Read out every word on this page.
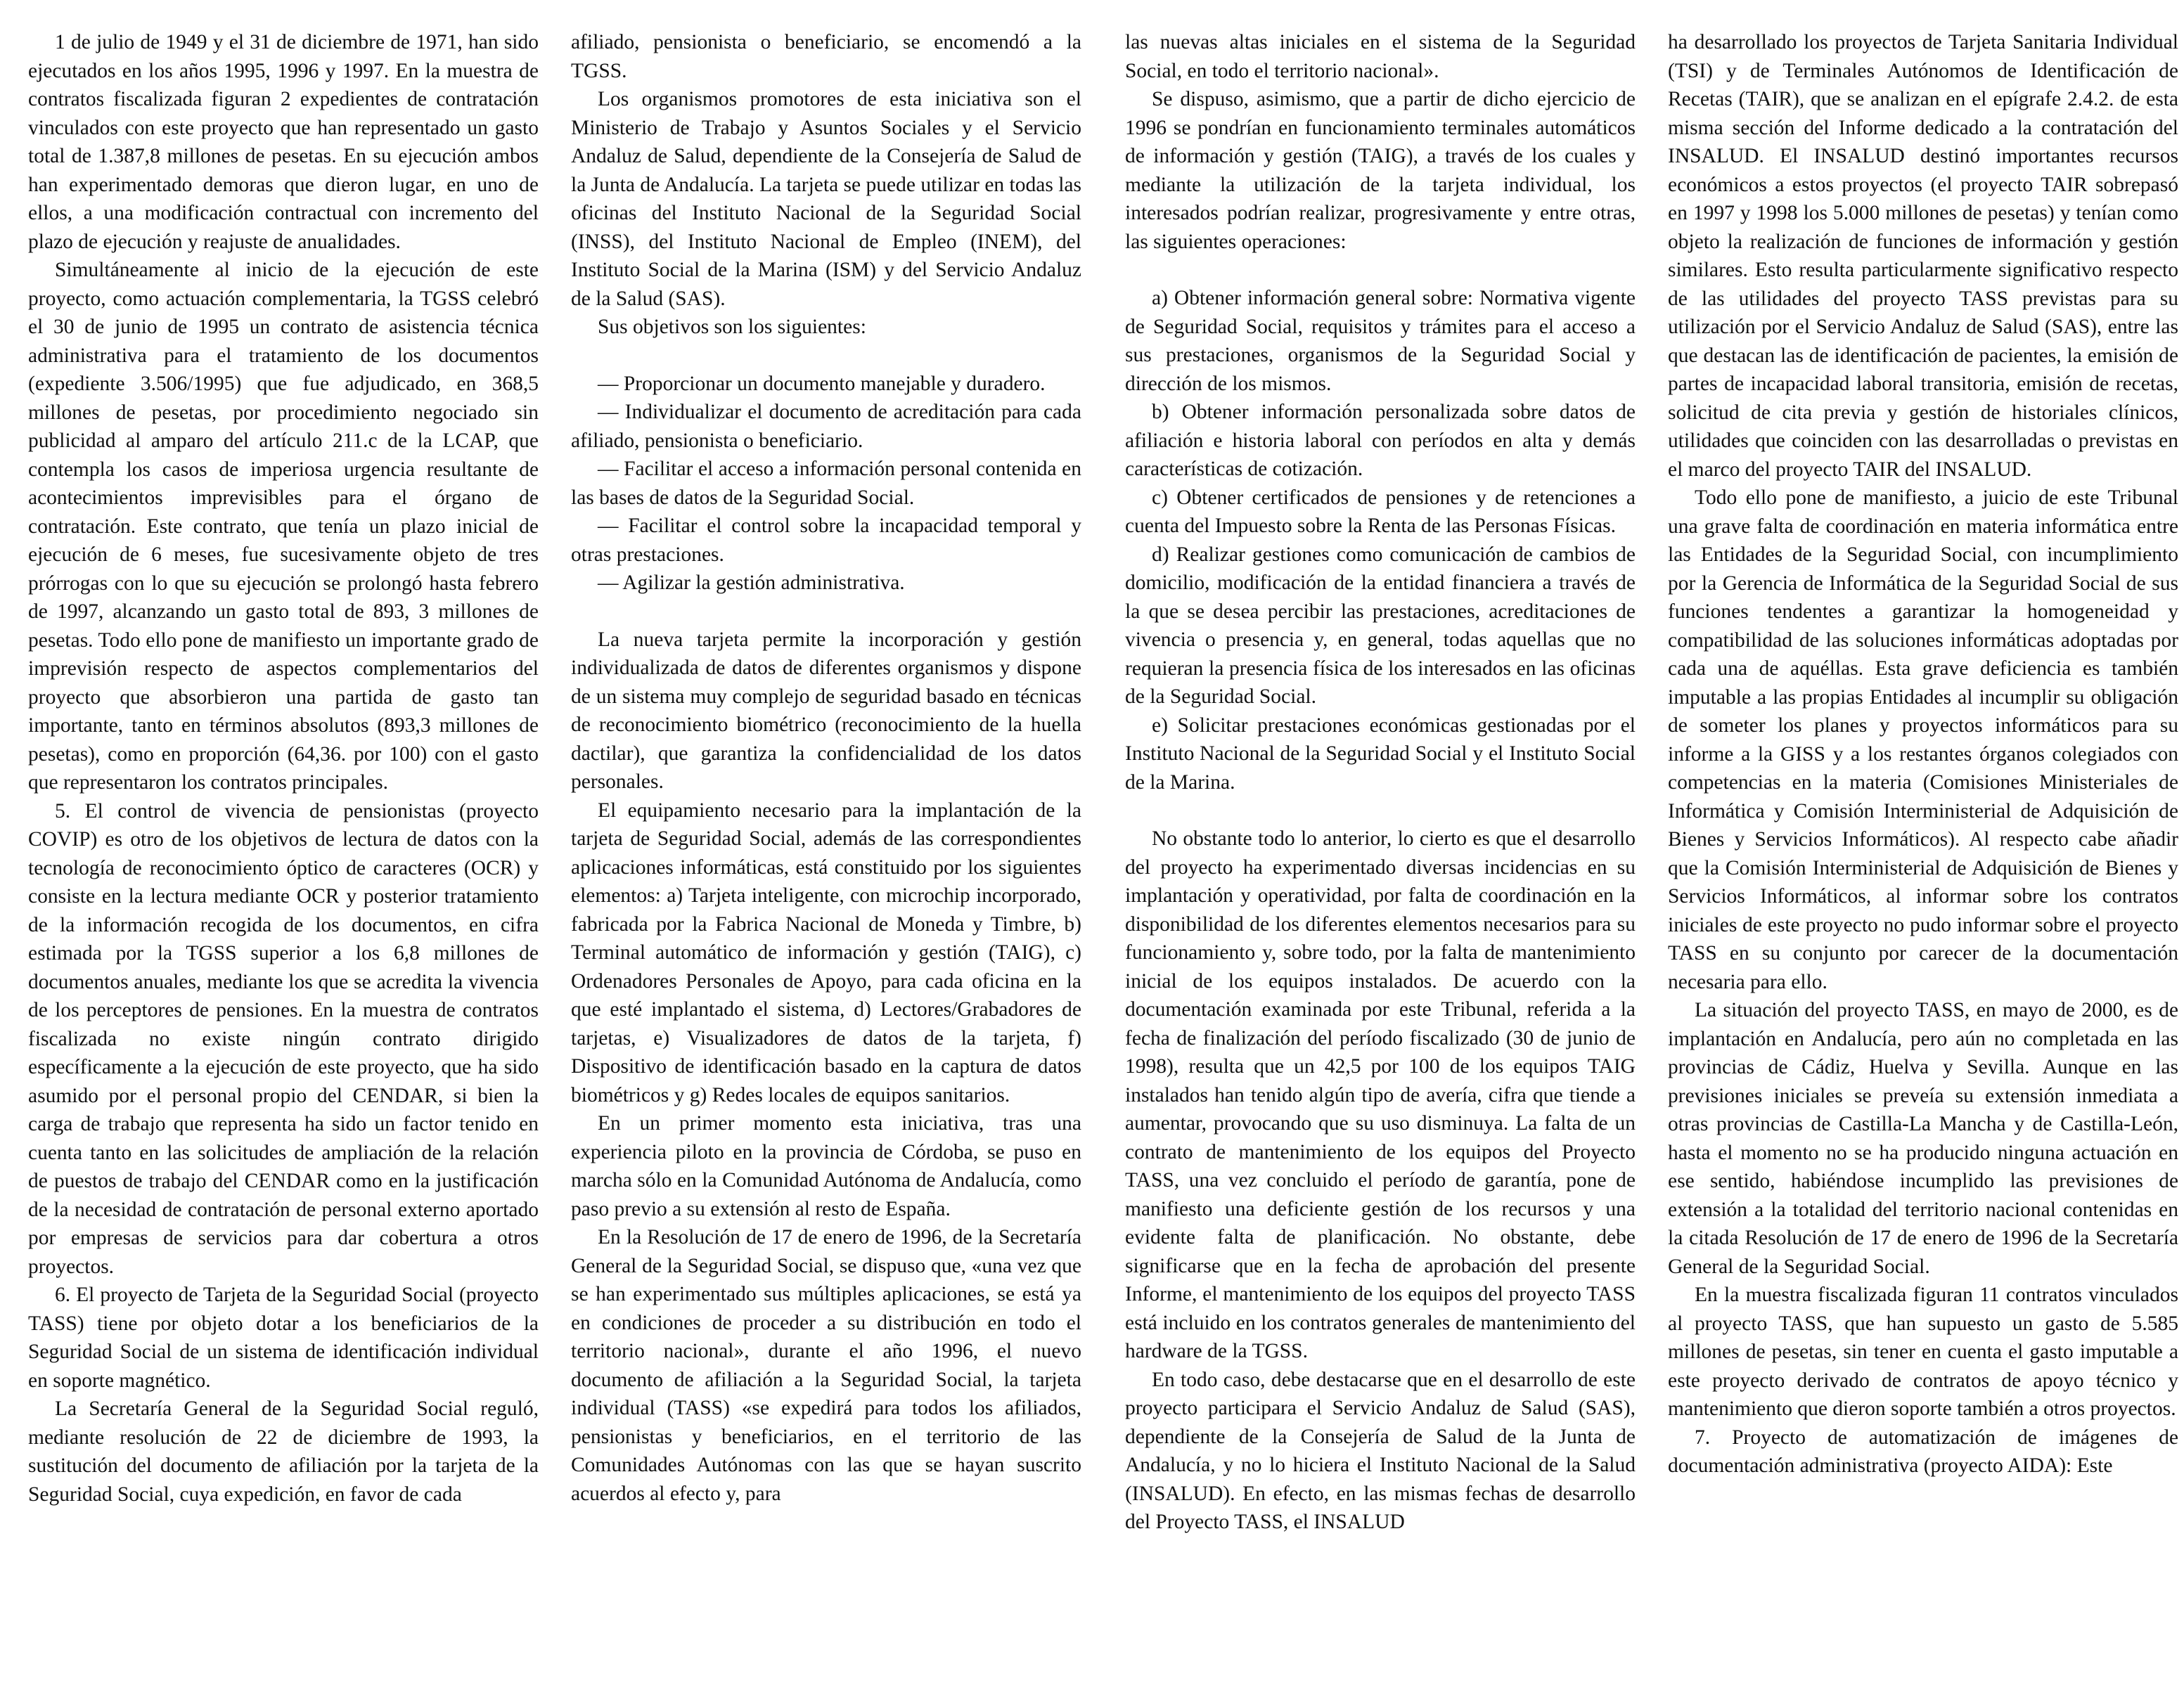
1 de julio de 1949 y el 31 de diciembre de 1971, han sido ejecutados en los años 1995, 1996 y 1997. En la muestra de contratos fiscalizada figuran 2 expedientes de contratación vinculados con este proyecto que han representado un gasto total de 1.387,8 millones de pesetas. En su ejecución ambos han experimentado demoras que dieron lugar, en uno de ellos, a una modificación contractual con incremento del plazo de ejecución y reajuste de anualidades.

Simultáneamente al inicio de la ejecución de este proyecto, como actuación complementaria, la TGSS celebró el 30 de junio de 1995 un contrato de asistencia técnica administrativa para el tratamiento de los documentos (expediente 3.506/1995) que fue adjudicado, en 368,5 millones de pesetas, por procedimiento negociado sin publicidad al amparo del artículo 211.c de la LCAP, que contempla los casos de imperiosa urgencia resultante de acontecimientos imprevisibles para el órgano de contratación. Este contrato, que tenía un plazo inicial de ejecución de 6 meses, fue sucesivamente objeto de tres prórrogas con lo que su ejecución se prolongó hasta febrero de 1997, alcanzando un gasto total de 893, 3 millones de pesetas. Todo ello pone de manifiesto un importante grado de imprevisión respecto de aspectos complementarios del proyecto que absorbieron una partida de gasto tan importante, tanto en términos absolutos (893,3 millones de pesetas), como en proporción (64,36. por 100) con el gasto que representaron los contratos principales.

5. El control de vivencia de pensionistas (proyecto COVIP) es otro de los objetivos de lectura de datos con la tecnología de reconocimiento óptico de caracteres (OCR) y consiste en la lectura mediante OCR y posterior tratamiento de la información recogida de los documentos, en cifra estimada por la TGSS superior a los 6,8 millones de documentos anuales, mediante los que se acredita la vivencia de los perceptores de pensiones. En la muestra de contratos fiscalizada no existe ningún contrato dirigido específicamente a la ejecución de este proyecto, que ha sido asumido por el personal propio del CENDAR, si bien la carga de trabajo que representa ha sido un factor tenido en cuenta tanto en las solicitudes de ampliación de la relación de puestos de trabajo del CENDAR como en la justificación de la necesidad de contratación de personal externo aportado por empresas de servicios para dar cobertura a otros proyectos.

6. El proyecto de Tarjeta de la Seguridad Social (proyecto TASS) tiene por objeto dotar a los beneficiarios de la Seguridad Social de un sistema de identificación individual en soporte magnético.

La Secretaría General de la Seguridad Social reguló, mediante resolución de 22 de diciembre de 1993, la sustitución del documento de afiliación por la tarjeta de la Seguridad Social, cuya expedición, en favor de cada

afiliado, pensionista o beneficiario, se encomendó a la TGSS.

Los organismos promotores de esta iniciativa son el Ministerio de Trabajo y Asuntos Sociales y el Servicio Andaluz de Salud, dependiente de la Consejería de Salud de la Junta de Andalucía. La tarjeta se puede utilizar en todas las oficinas del Instituto Nacional de la Seguridad Social (INSS), del Instituto Nacional de Empleo (INEM), del Instituto Social de la Marina (ISM) y del Servicio Andaluz de la Salud (SAS).

Sus objetivos son los siguientes:

— Proporcionar un documento manejable y duradero.

— Individualizar el documento de acreditación para cada afiliado, pensionista o beneficiario.

— Facilitar el acceso a información personal contenida en las bases de datos de la Seguridad Social.

— Facilitar el control sobre la incapacidad temporal y otras prestaciones.

— Agilizar la gestión administrativa.

La nueva tarjeta permite la incorporación y gestión individualizada de datos de diferentes organismos y dispone de un sistema muy complejo de seguridad basado en técnicas de reconocimiento biométrico (reconocimiento de la huella dactilar), que garantiza la confidencialidad de los datos personales.

El equipamiento necesario para la implantación de la tarjeta de Seguridad Social, además de las correspondientes aplicaciones informáticas, está constituido por los siguientes elementos: a) Tarjeta inteligente, con microchip incorporado, fabricada por la Fabrica Nacional de Moneda y Timbre, b) Terminal automático de información y gestión (TAIG), c) Ordenadores Personales de Apoyo, para cada oficina en la que esté implantado el sistema, d) Lectores/Grabadores de tarjetas, e) Visualizadores de datos de la tarjeta, f) Dispositivo de identificación basado en la captura de datos biométricos y g) Redes locales de equipos sanitarios.

En un primer momento esta iniciativa, tras una experiencia piloto en la provincia de Córdoba, se puso en marcha sólo en la Comunidad Autónoma de Andalucía, como paso previo a su extensión al resto de España.

En la Resolución de 17 de enero de 1996, de la Secretaría General de la Seguridad Social, se dispuso que, «una vez que se han experimentado sus múltiples aplicaciones, se está ya en condiciones de proceder a su distribución en todo el territorio nacional», durante el año 1996, el nuevo documento de afiliación a la Seguridad Social, la tarjeta individual (TASS) «se expedirá para todos los afiliados, pensionistas y beneficiarios, en el territorio de las Comunidades Autónomas con las que se hayan suscrito acuerdos al efecto y, para

las nuevas altas iniciales en el sistema de la Seguridad Social, en todo el territorio nacional».

Se dispuso, asimismo, que a partir de dicho ejercicio de 1996 se pondrían en funcionamiento terminales automáticos de información y gestión (TAIG), a través de los cuales y mediante la utilización de la tarjeta individual, los interesados podrían realizar, progresivamente y entre otras, las siguientes operaciones:

a) Obtener información general sobre: Normativa vigente de Seguridad Social, requisitos y trámites para el acceso a sus prestaciones, organismos de la Seguridad Social y dirección de los mismos.

b) Obtener información personalizada sobre datos de afiliación e historia laboral con períodos en alta y demás características de cotización.

c) Obtener certificados de pensiones y de retenciones a cuenta del Impuesto sobre la Renta de las Personas Físicas.

d) Realizar gestiones como comunicación de cambios de domicilio, modificación de la entidad financiera a través de la que se desea percibir las prestaciones, acreditaciones de vivencia o presencia y, en general, todas aquellas que no requieran la presencia física de los interesados en las oficinas de la Seguridad Social.

e) Solicitar prestaciones económicas gestionadas por el Instituto Nacional de la Seguridad Social y el Instituto Social de la Marina.

No obstante todo lo anterior, lo cierto es que el desarrollo del proyecto ha experimentado diversas incidencias en su implantación y operatividad, por falta de coordinación en la disponibilidad de los diferentes elementos necesarios para su funcionamiento y, sobre todo, por la falta de mantenimiento inicial de los equipos instalados. De acuerdo con la documentación examinada por este Tribunal, referida a la fecha de finalización del período fiscalizado (30 de junio de 1998), resulta que un 42,5 por 100 de los equipos TAIG instalados han tenido algún tipo de avería, cifra que tiende a aumentar, provocando que su uso disminuya. La falta de un contrato de mantenimiento de los equipos del Proyecto TASS, una vez concluido el período de garantía, pone de manifiesto una deficiente gestión de los recursos y una evidente falta de planificación. No obstante, debe significarse que en la fecha de aprobación del presente Informe, el mantenimiento de los equipos del proyecto TASS está incluido en los contratos generales de mantenimiento del hardware de la TGSS.

En todo caso, debe destacarse que en el desarrollo de este proyecto participara el Servicio Andaluz de Salud (SAS), dependiente de la Consejería de Salud de la Junta de Andalucía, y no lo hiciera el Instituto Nacional de la Salud (INSALUD). En efecto, en las mismas fechas de desarrollo del Proyecto TASS, el INSALUD

ha desarrollado los proyectos de Tarjeta Sanitaria Individual (TSI) y de Terminales Autónomos de Identificación de Recetas (TAIR), que se analizan en el epígrafe 2.4.2. de esta misma sección del Informe dedicado a la contratación del INSALUD. El INSALUD destinó importantes recursos económicos a estos proyectos (el proyecto TAIR sobrepasó en 1997 y 1998 los 5.000 millones de pesetas) y tenían como objeto la realización de funciones de información y gestión similares. Esto resulta particularmente significativo respecto de las utilidades del proyecto TASS previstas para su utilización por el Servicio Andaluz de Salud (SAS), entre las que destacan las de identificación de pacientes, la emisión de partes de incapacidad laboral transitoria, emisión de recetas, solicitud de cita previa y gestión de historiales clínicos, utilidades que coinciden con las desarrolladas o previstas en el marco del proyecto TAIR del INSALUD.

Todo ello pone de manifiesto, a juicio de este Tribunal una grave falta de coordinación en materia informática entre las Entidades de la Seguridad Social, con incumplimiento por la Gerencia de Informática de la Seguridad Social de sus funciones tendentes a garantizar la homogeneidad y compatibilidad de las soluciones informáticas adoptadas por cada una de aquéllas. Esta grave deficiencia es también imputable a las propias Entidades al incumplir su obligación de someter los planes y proyectos informáticos para su informe a la GISS y a los restantes órganos colegiados con competencias en la materia (Comisiones Ministeriales de Informática y Comisión Interministerial de Adquisición de Bienes y Servicios Informáticos). Al respecto cabe añadir que la Comisión Interministerial de Adquisición de Bienes y Servicios Informáticos, al informar sobre los contratos iniciales de este proyecto no pudo informar sobre el proyecto TASS en su conjunto por carecer de la documentación necesaria para ello.

La situación del proyecto TASS, en mayo de 2000, es de implantación en Andalucía, pero aún no completada en las provincias de Cádiz, Huelva y Sevilla. Aunque en las previsiones iniciales se preveía su extensión inmediata a otras provincias de Castilla-La Mancha y de Castilla-León, hasta el momento no se ha producido ninguna actuación en ese sentido, habiéndose incumplido las previsiones de extensión a la totalidad del territorio nacional contenidas en la citada Resolución de 17 de enero de 1996 de la Secretaría General de la Seguridad Social.

En la muestra fiscalizada figuran 11 contratos vinculados al proyecto TASS, que han supuesto un gasto de 5.585 millones de pesetas, sin tener en cuenta el gasto imputable a este proyecto derivado de contratos de apoyo técnico y mantenimiento que dieron soporte también a otros proyectos.

7. Proyecto de automatización de imágenes de documentación administrativa (proyecto AIDA): Este
